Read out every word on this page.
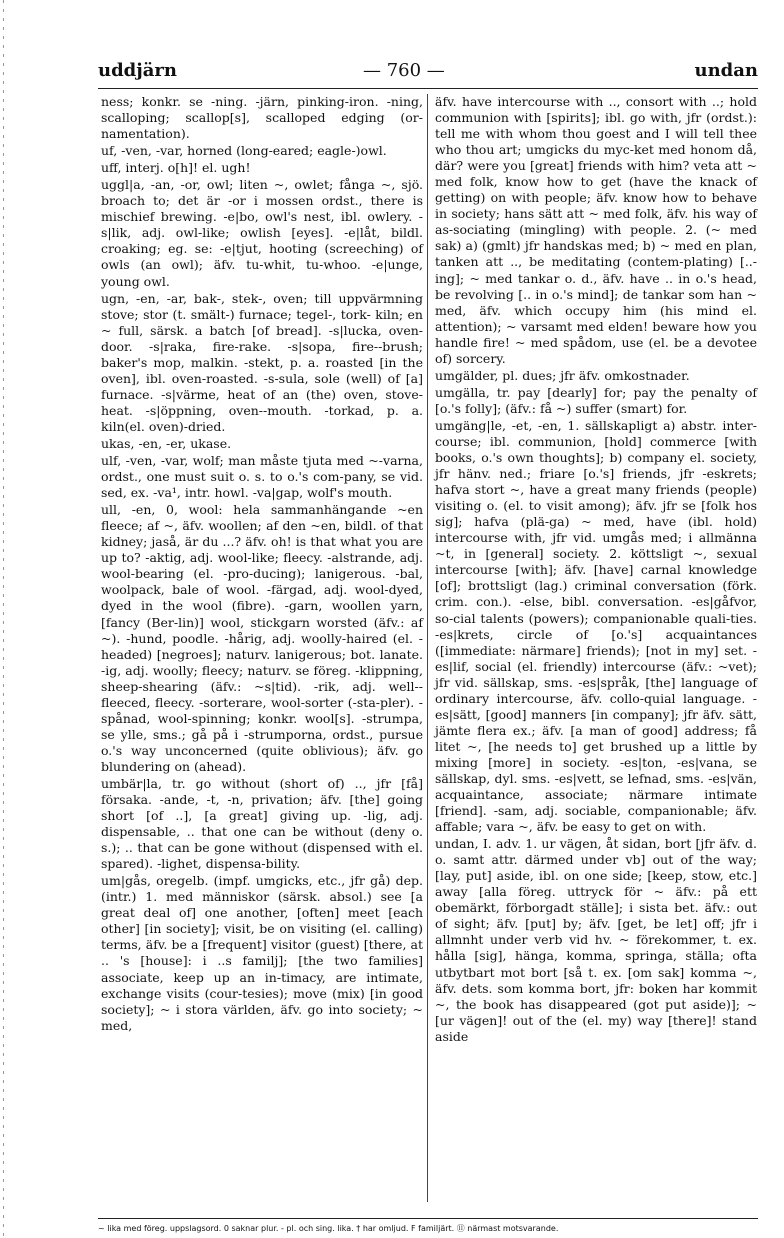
uddjärn	— 760 —	undan

ness; konkr. se -ning. -järn, pinking-iron. -ning, scalloping; scallop[s], scalloped edging (or-namentation).

uf, -ven, -var, horned (long-eared; eagle-)owl.

uff, interj. o[h]! el. ugh!

uggl|a, -an, -or, owl; liten ~, owlet; fånga ~, sjö. broach to; det är -or i mossen ordst., there is mischief brewing. -e|bo, owl's nest, ibl. owlery. -s|lik, adj. owl-like; owlish [eyes]. -e|låt, bildl. croaking; eg. se: -e|tjut, hooting (screeching) of owls (an owl); äfv. tu-whit, tu-whoo. -e|unge, young owl.

ugn, -en, -ar, bak-, stek-, oven; till uppvärmning stove; stor (t. smält-) furnace; tegel-, tork- kiln; en ~ full, särsk. a batch [of bread]. -s|lucka, oven-door. -s|raka, fire-rake. -s|sopa, fire--brush; baker's mop, malkin. -stekt, p. a. roasted [in the oven], ibl. oven-roasted. -s-sula, sole (well) of [a] furnace. -s|värme, heat of an (the) oven, stove-heat. -s|öppning, oven--mouth. -torkad, p. a. kiln(el. oven)-dried.

ukas, -en, -er, ukase.

ulf, -ven, -var, wolf; man måste tjuta med ~-varna, ordst., one must suit o. s. to o.'s com-pany, se vid. sed, ex. -va¹, intr. howl. -va|gap, wolf's mouth.

ull, -en, 0, wool: hela sammanhängande ~en fleece; af ~, äfv. woollen; af den ~en, bildl. of that kidney; jaså, är du ...? äfv. oh! is that what you are up to? -aktig, adj. wool-like; fleecy. -alstrande, adj. wool-bearing (el. -pro-ducing); lanigerous. -bal, woolpack, bale of wool. -färgad, adj. wool-dyed, dyed in the wool (fibre). -garn, woollen yarn, [fancy (Ber-lin)] wool, stickgarn worsted (äfv.: af ~). -hund, poodle. -hårig, adj. woolly-haired (el. -headed) [negroes]; naturv. lanigerous; bot. lanate. -ig, adj. woolly; fleecy; naturv. se föreg. -klippning, sheep-shearing (äfv.: ~s|tid). -rik, adj. well--fleeced, fleecy. -sorterare, wool-sorter (-sta-pler). -spånad, wool-spinning; konkr. wool[s]. -strumpa, se ylle, sms.; gå på i -strumporna, ordst., pursue o.'s way unconcerned (quite oblivious); äfv. go blundering on (ahead).

umbär|la, tr. go without (short of) .., jfr [få] försaka. -ande, -t, -n, privation; äfv. [the] going short [of ..], [a great] giving up. -lig, adj. dispensable, .. that one can be without (deny o. s.); .. that can be gone without (dispensed with el. spared). -lighet, dispensa-bility.

um|gås, oregelb. (impf. umgicks, etc., jfr gå) dep. (intr.) 1. med människor (särsk. absol.) see [a great deal of] one another, [often] meet [each other] [in society]; visit, be on visiting (el. calling) terms, äfv. be a [frequent] visitor (guest) [there, at .. 's [house]: i ..s familj]; [the two families] associate, keep up an in-timacy, are intimate, exchange visits (cour-tesies); move (mix) [in good society]; ~ i stora världen, äfv. go into society; ~ med,

äfv. have intercourse with .., consort with ..; hold communion with [spirits]; ibl. go with, jfr (ordst.): tell me with whom thou goest and I will tell thee who thou art; umgicks du myc-ket med honom då, där? were you [great] friends with him? veta att ~ med folk, know how to get (have the knack of getting) on with people; äfv. know how to behave in society; hans sätt att ~ med folk, äfv. his way of as-sociating (mingling) with people. 2. (~ med sak) a) (gmlt) jfr handskas med; b) ~ med en plan, tanken att .., be meditating (contem-plating) [..-ing]; ~ med tankar o. d., äfv. have .. in o.'s head, be revolving [.. in o.'s mind]; de tankar som han ~ med, äfv. which occupy him (his mind el. attention); ~ varsamt med elden! beware how you handle fire! ~ med spådom, use (el. be a devotee of) sorcery.

umgälder, pl. dues; jfr äfv. omkostnader.

umgälla, tr. pay [dearly] for; pay the penalty of [o.'s folly]; (äfv.: få ~) suffer (smart) for.

umgäng|le, -et, -en, 1. sällskapligt a) abstr. inter-course; ibl. communion, [hold] commerce [with books, o.'s own thoughts]; b) company el. society, jfr hänv. ned.; friare [o.'s] friends, jfr -eskrets; hafva stort ~, have a great many friends (people) visiting o. (el. to visit among); äfv. jfr se [folk hos sig]; hafva (plä-ga) ~ med, have (ibl. hold) intercourse with, jfr vid. umgås med; i allmänna ~t, in [general] society. 2. köttsligt ~, sexual intercourse [with]; äfv. [have] carnal knowledge [of]; brottsligt (lag.) criminal conversation (förk. crim. con.). -else, bibl. conversation. -es|gåfvor, so-cial talents (powers); companionable quali-ties. -es|krets, circle of [o.'s] acquaintances ([immediate: närmare] friends); [not in my] set. -es|lif, social (el. friendly) intercourse (äfv.: ~vet); jfr vid. sällskap, sms. -es|språk, [the] language of ordinary intercourse, äfv. collo-quial language. -es|sätt, [good] manners [in company]; jfr äfv. sätt, jämte flera ex.; äfv. [a man of good] address; få litet ~, [he needs to] get brushed up a little by mixing [more] in society. -es|ton, -es|vana, se sällskap, dyl. sms. -es|vett, se lefnad, sms. -es|vän, acquaintance, associate; närmare intimate [friend]. -sam, adj. sociable, companionable; äfv. affable; vara ~, äfv. be easy to get on with.

undan, I. adv. 1. ur vägen, åt sidan, bort [jfr äfv. d. o. samt attr. därmed under vb] out of the way; [lay, put] aside, ibl. on one side; [keep, stow, etc.] away [alla föreg. uttryck för ~ äfv.: på ett obemärkt, förborgadt ställe]; i sista bet. äfv.: out of sight; äfv. [put] by; äfv. [get, be let] off; jfr i allmnht under verb vid hv. ~ förekommer, t. ex. hålla [sig], hänga, komma, springa, ställa; ofta utbytbart mot bort [så t. ex. [om sak] komma ~, äfv. dets. som komma bort, jfr: boken har kommit ~, the book has disappeared (got put aside)]; ~ [ur vägen]! out of the (el. my) way [there]! stand aside

~ lika med föreg. uppslagsord. 0 saknar plur. - pl. och sing. lika. † har omljud. F familjärt. ⑪ närmast motsvarande.
